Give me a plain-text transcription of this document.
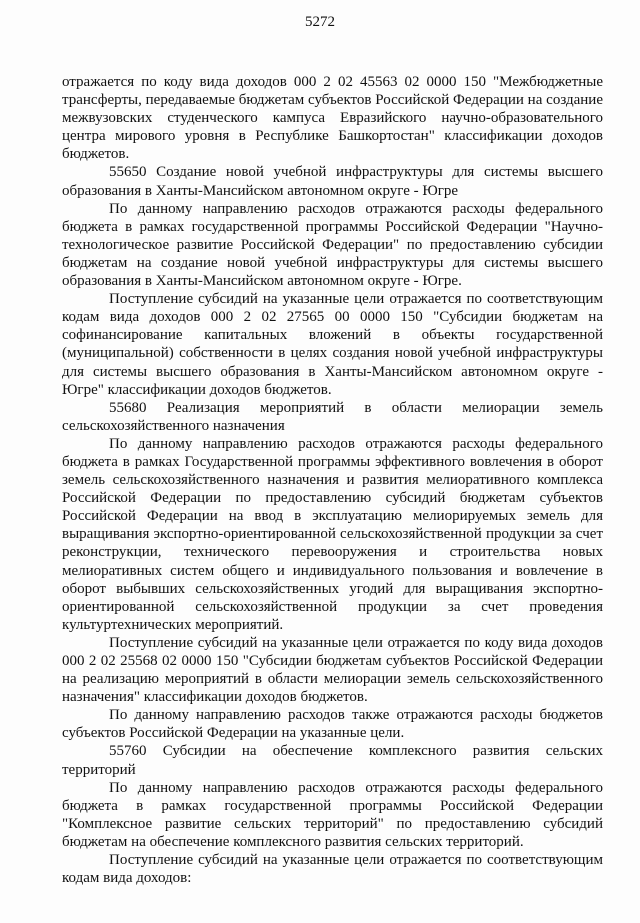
5272

отражается по коду вида доходов 000 2 02 45563 02 0000 150 "Межбюджетные трансферты, передаваемые бюджетам субъектов Российской Федерации на создание межвузовских студенческого кампуса Евразийского научно-образовательного центра мирового уровня в Республике Башкортостан" классификации доходов бюджетов.

55650 Создание новой учебной инфраструктуры для системы высшего образования в Ханты-Мансийском автономном округе - Югре

По данному направлению расходов отражаются расходы федерального бюджета в рамках государственной программы Российской Федерации "Научно-технологическое развитие Российской Федерации" по предоставлению субсидии бюджетам на создание новой учебной инфраструктуры для системы высшего образования в Ханты-Мансийском автономном округе - Югре.

Поступление субсидий на указанные цели отражается по соответствующим кодам вида доходов 000 2 02 27565 00 0000 150 "Субсидии бюджетам на софинансирование капитальных вложений в объекты государственной (муниципальной) собственности в целях создания новой учебной инфраструктуры для системы высшего образования в Ханты-Мансийском автономном округе - Югре" классификации доходов бюджетов.

55680 Реализация мероприятий в области мелиорации земель сельскохозяйственного назначения

По данному направлению расходов отражаются расходы федерального бюджета в рамках Государственной программы эффективного вовлечения в оборот земель сельскохозяйственного назначения и развития мелиоративного комплекса Российской Федерации по предоставлению субсидий бюджетам субъектов Российской Федерации на ввод в эксплуатацию мелиорируемых земель для выращивания экспортно-ориентированной сельскохозяйственной продукции за счет реконструкции, технического перевооружения и строительства новых мелиоративных систем общего и индивидуального пользования и вовлечение в оборот выбывших сельскохозяйственных угодий для выращивания экспортно-ориентированной сельскохозяйственной продукции за счет проведения культуртехнических мероприятий.

Поступление субсидий на указанные цели отражается по коду вида доходов 000 2 02 25568 02 0000 150 "Субсидии бюджетам субъектов Российской Федерации на реализацию мероприятий в области мелиорации земель сельскохозяйственного назначения" классификации доходов бюджетов.

По данному направлению расходов также отражаются расходы бюджетов субъектов Российской Федерации на указанные цели.

55760 Субсидии на обеспечение комплексного развития сельских территорий

По данному направлению расходов отражаются расходы федерального бюджета в рамках государственной программы Российской Федерации "Комплексное развитие сельских территорий" по предоставлению субсидий бюджетам на обеспечение комплексного развития сельских территорий.

Поступление субсидий на указанные цели отражается по соответствующим кодам вида доходов:
